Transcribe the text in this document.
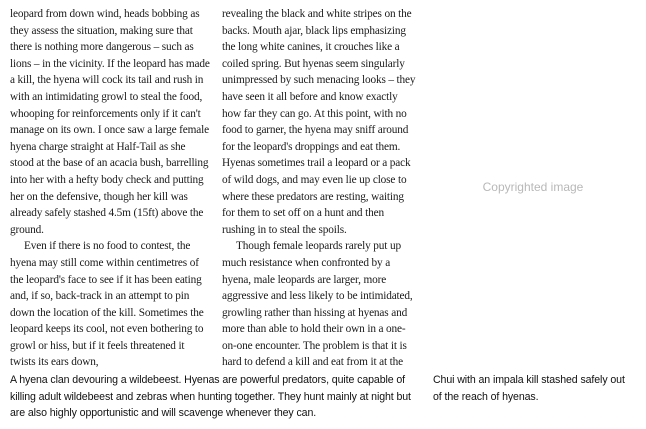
leopard from down wind, heads bobbing as they assess the situation, making sure that there is nothing more dangerous – such as lions – in the vicinity. If the leopard has made a kill, the hyena will cock its tail and rush in with an intimidating growl to steal the food, whooping for reinforcements only if it can't manage on its own. I once saw a large female hyena charge straight at Half-Tail as she stood at the base of an acacia bush, barrelling into her with a hefty body check and putting her on the defensive, though her kill was already safely stashed 4.5m (15ft) above the ground.

Even if there is no food to contest, the hyena may still come within centimetres of the leopard's face to see if it has been eating and, if so, back-track in an attempt to pin down the location of the kill. Sometimes the leopard keeps its cool, not even bothering to growl or hiss, but if it feels threatened it twists its ears down,

revealing the black and white stripes on the backs. Mouth ajar, black lips emphasizing the long white canines, it crouches like a coiled spring. But hyenas seem singularly unimpressed by such menacing looks – they have seen it all before and know exactly how far they can go. At this point, with no food to garner, the hyena may sniff around for the leopard's droppings and eat them. Hyenas sometimes trail a leopard or a pack of wild dogs, and may even lie up close to where these predators are resting, waiting for them to set off on a hunt and then rushing in to steal the spoils.

Though female leopards rarely put up much resistance when confronted by a hyena, male leopards are larger, more aggressive and less likely to be intimidated, growling rather than hissing at hyenas and more than able to hold their own in a one-on-one encounter. The problem is that it is hard to defend a kill and eat from it at the

Copyrighted image
A hyena clan devouring a wildebeest. Hyenas are powerful predators, quite capable of killing adult wildebeest and zebras when hunting together. They hunt mainly at night but are also highly opportunistic and will scavenge whenever they can.
Chui with an impala kill stashed safely out of the reach of hyenas.
